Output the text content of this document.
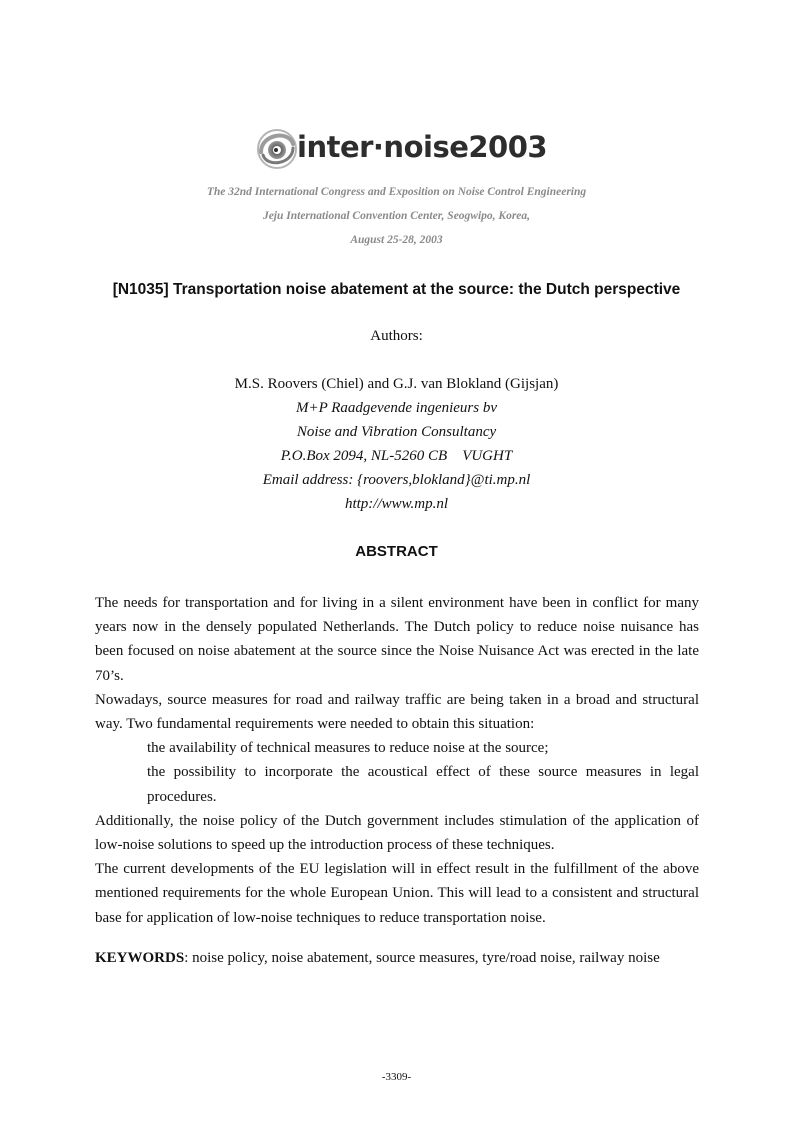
inter·noise2003
The 32nd International Congress and Exposition on Noise Control Engineering
Jeju International Convention Center, Seogwipo, Korea,
August 25-28, 2003
[N1035] Transportation noise abatement at the source: the Dutch perspective
Authors:
M.S. Roovers (Chiel) and G.J. van Blokland (Gijsjan)
M+P Raadgevende ingenieurs bv
Noise and Vibration Consultancy
P.O.Box 2094, NL-5260 CB    VUGHT
Email address: {roovers,blokland}@ti.mp.nl
http://www.mp.nl
ABSTRACT

The needs for transportation and for living in a silent environment have been in conflict for many years now in the densely populated Netherlands. The Dutch policy to reduce noise nuisance has been focused on noise abatement at the source since the Noise Nuisance Act was erected in the late 70’s.

Nowadays, source measures for road and railway traffic are being taken in a broad and structural way. Two fundamental requirements were needed to obtain this situation:

the availability of technical measures to reduce noise at the source;

the possibility to incorporate the acoustical effect of these source measures in legal procedures.

Additionally, the noise policy of the Dutch government includes stimulation of the application of low-noise solutions to speed up the introduction process of these techniques.

The current developments of the EU legislation will in effect result in the fulfillment of the above mentioned requirements for the whole European Union. This will lead to a consistent and structural base for application of low-noise techniques to reduce transportation noise.

KEYWORDS: noise policy, noise abatement, source measures, tyre/road noise, railway noise
-3309-
